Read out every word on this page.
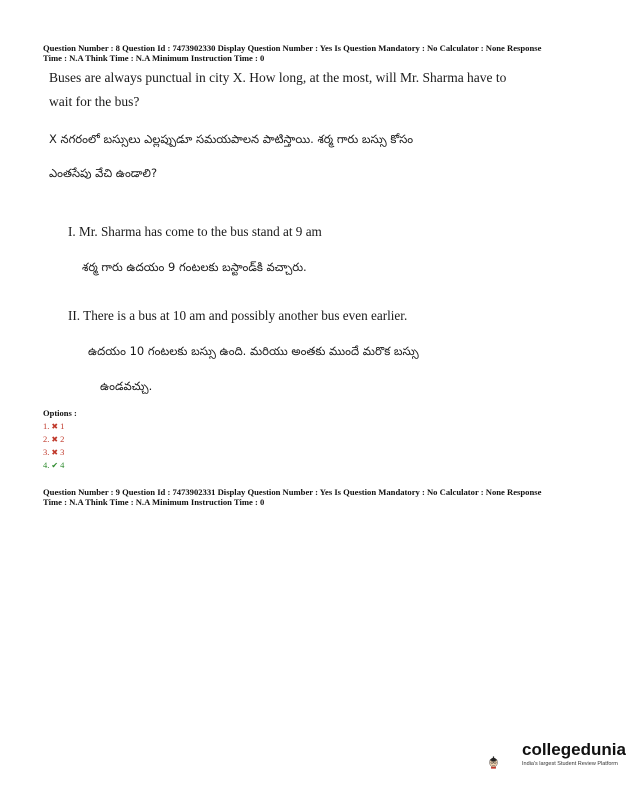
Question Number : 8 Question Id : 7473902330 Display Question Number : Yes Is Question Mandatory : No Calculator : None Response
Time : N.A Think Time : N.A Minimum Instruction Time : 0
Buses are always punctual in city X. How long, at the most, will Mr. Sharma have to
wait for the bus?
X నగరంలో బస్సులు ఎల్లప్పుడూ సమయపాలన పాటిస్తాయి. శర్మ గారు బస్సు కోసం
ఎంతసేపు వేచి ఉండాలి?
I. Mr. Sharma has come to the bus stand at 9 am
శర్మ గారు ఉదయం 9 గంటలకు బస్టాండ్‌కి వచ్చారు.
II. There is a bus at 10 am and possibly another bus even earlier.
ఉదయం 10 గంటలకు బస్సు ఉంది. మరియు అంతకు ముందే మరొక బస్సు
ఉండవచ్చు.
Options :
1. ✖ 1
2. ✖ 2
3. ✖ 3
4. ✔ 4
Question Number : 9 Question Id : 7473902331 Display Question Number : Yes Is Question Mandatory : No Calculator : None Response
Time : N.A Think Time : N.A Minimum Instruction Time : 0
collegedunia
India's largest Student Review Platform
